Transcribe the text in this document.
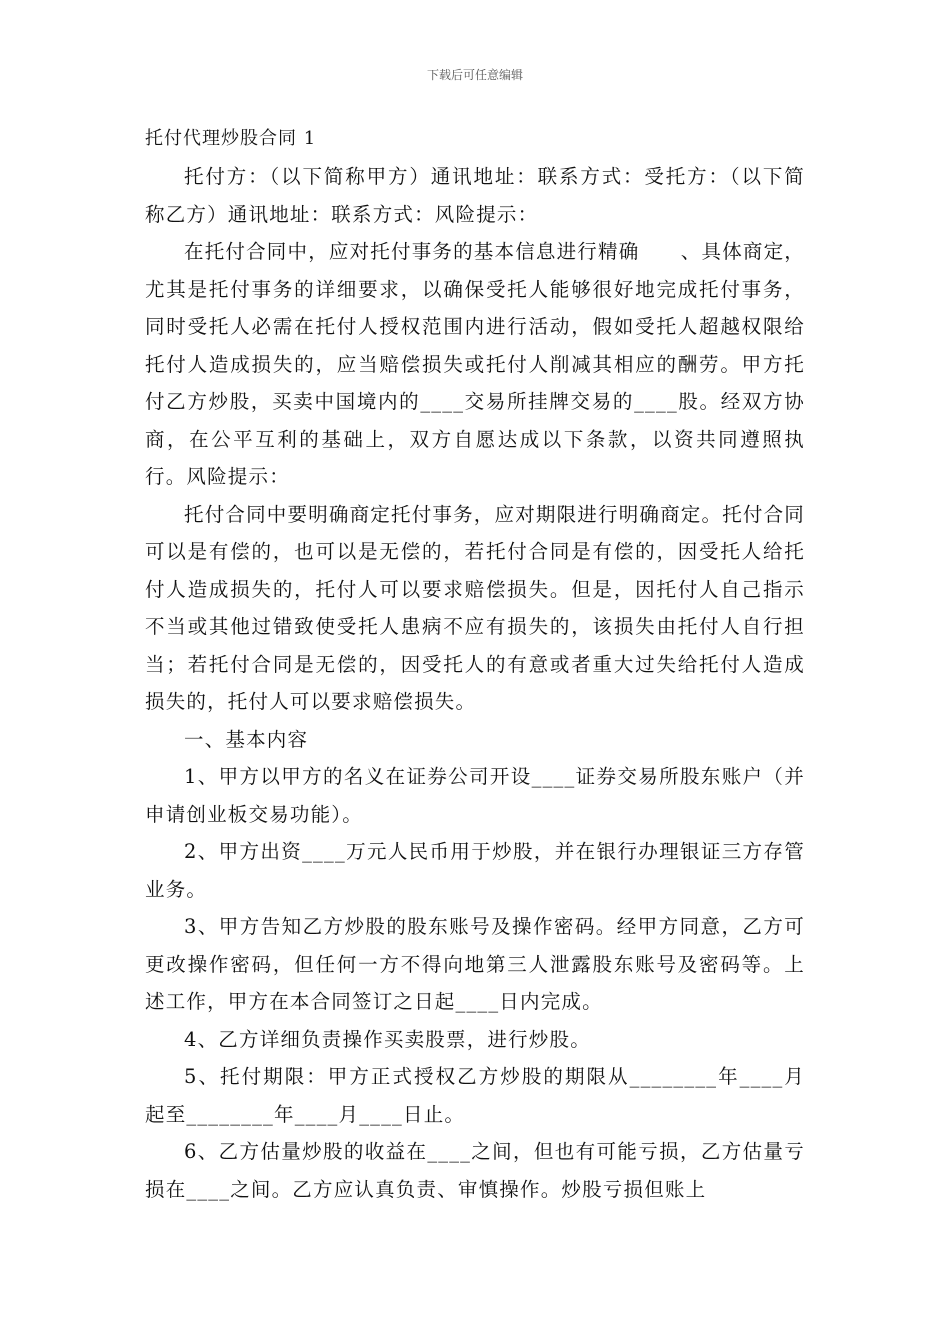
下载后可任意编辑
托付代理炒股合同 1

托付方：（以下简称甲方）通讯地址：联系方式：受托方：（以下简称乙方）通讯地址：联系方式：风险提示：

在托付合同中，应对托付事务的基本信息进行精确　　、具体商定，尤其是托付事务的详细要求，以确保受托人能够很好地完成托付事务，同时受托人必需在托付人授权范围内进行活动，假如受托人超越权限给托付人造成损失的，应当赔偿损失或托付人削减其相应的酬劳。甲方托付乙方炒股，买卖中国境内的____交易所挂牌交易的____股。经双方协商，在公平互利的基础上，双方自愿达成以下条款，以资共同遵照执行。风险提示：

托付合同中要明确商定托付事务，应对期限进行明确商定。托付合同可以是有偿的，也可以是无偿的，若托付合同是有偿的，因受托人给托付人造成损失的，托付人可以要求赔偿损失。但是，因托付人自己指示不当或其他过错致使受托人患病不应有损失的，该损失由托付人自行担当；若托付合同是无偿的，因受托人的有意或者重大过失给托付人造成损失的，托付人可以要求赔偿损失。

一、基本内容

1、甲方以甲方的名义在证券公司开设____证券交易所股东账户（并申请创业板交易功能）。

2、甲方出资____万元人民币用于炒股，并在银行办理银证三方存管业务。

3、甲方告知乙方炒股的股东账号及操作密码。经甲方同意，乙方可更改操作密码，但任何一方不得向地第三人泄露股东账号及密码等。上述工作，甲方在本合同签订之日起____日内完成。

4、乙方详细负责操作买卖股票，进行炒股。

5、托付期限：甲方正式授权乙方炒股的期限从________年____月起至________年____月____日止。

6、乙方估量炒股的收益在____之间，但也有可能亏损，乙方估量亏损在____之间。乙方应认真负责、审慎操作。炒股亏损但账上
